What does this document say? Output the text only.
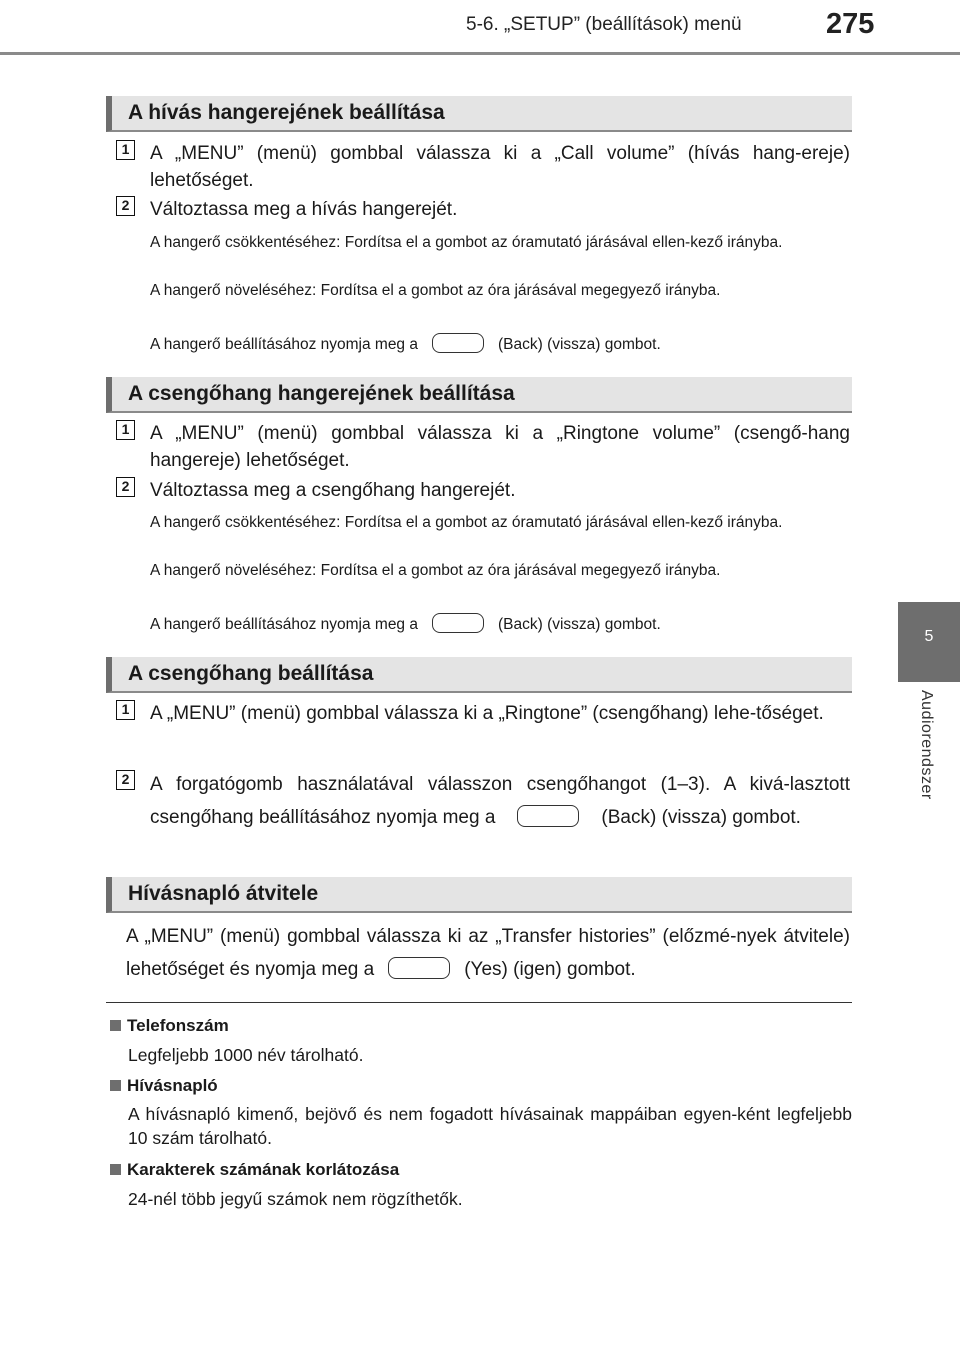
5-6. „SETUP” (beállítások) menü	275
5
Audiorendszer
A hívás hangerejének beállítása
1 A „MENU” (menü) gombbal válassza ki a „Call volume” (hívás hang-ereje) lehetőséget.
2 Változtassa meg a hívás hangerejét.
A hangerő csökkentéséhez: Fordítsa el a gombot az óramutató járásával ellen-kező irányba.
A hangerő növeléséhez: Fordítsa el a gombot az óra járásával megegyező irányba.
A hangerő beállításához nyomja meg a	(Back) (vissza) gombot.
A csengőhang hangerejének beállítása
1 A „MENU” (menü) gombbal válassza ki a „Ringtone volume” (csengő-hang hangereje) lehetőséget.
2 Változtassa meg a csengőhang hangerejét.
A hangerő csökkentéséhez: Fordítsa el a gombot az óramutató járásával ellen-kező irányba.
A hangerő növeléséhez: Fordítsa el a gombot az óra járásával megegyező irányba.
A hangerő beállításához nyomja meg a	(Back) (vissza) gombot.
A csengőhang beállítása
1 A „MENU” (menü) gombbal válassza ki a „Ringtone” (csengőhang) lehe-tőséget.
2 A forgatógomb használatával válasszon csengőhangot (1–3). A kivá-lasztott csengőhang beállításához nyomja meg a	(Back) (vissza) gombot.
Hívásnapló átvitele
A „MENU” (menü) gombbal válassza ki az „Transfer histories” (előzmé-nyek átvitele) lehetőséget és nyomja meg a	(Yes) (igen) gombot.
Telefonszám
Legfeljebb 1000 név tárolható.
Hívásnapló
A hívásnapló kimenő, bejövő és nem fogadott hívásainak mappáiban egyen-ként legfeljebb 10 szám tárolható.
Karakterek számának korlátozása
24-nél több jegyű számok nem rögzíthetők.
